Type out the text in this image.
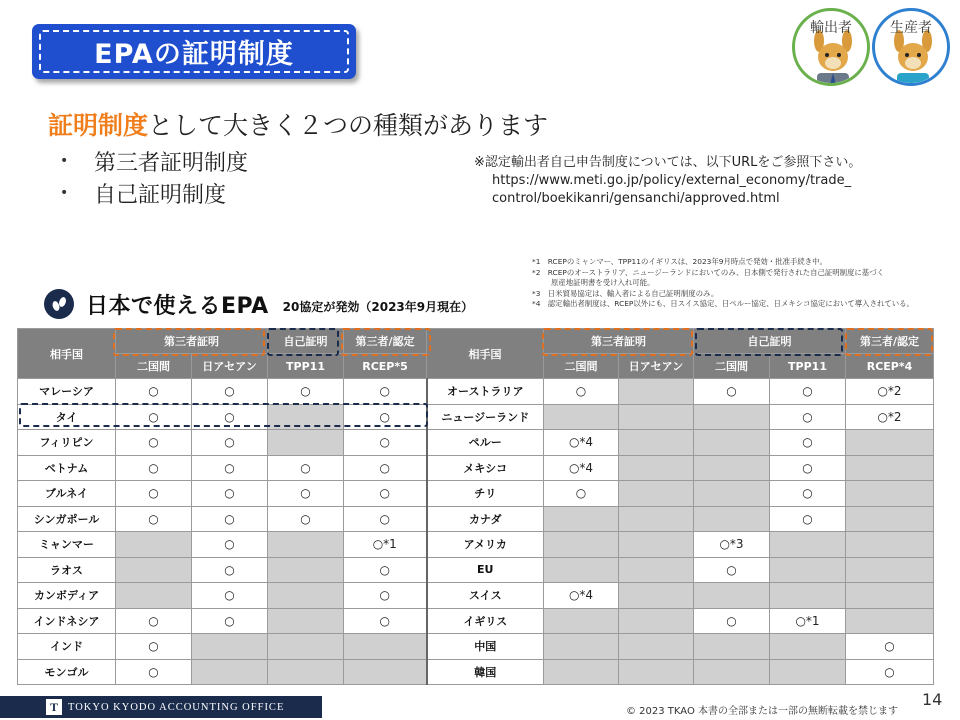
EPAの証明制度
輸出者	生産者
証明制度として大きく２つの種類があります
•	第三者証明制度
•	自己証明制度
※認定輸出者自己申告制度については、以下URLをご参照下さい。
https://www.meti.go.jp/policy/external_economy/trade_
control/boekikanri/gensanchi/approved.html
*1　RCEPのミャンマー、TPP11のイギリスは、2023年9月時点で発効・批准手続き中。
*2　RCEPのオーストラリア、ニュージーランドにおいてのみ、日本側で発行された自己証明制度に基づく
原産地証明書を受け入れ可能。
*3　日米貿易協定は、輸入者による自己証明制度のみ。
*4　認定輸出者制度は、RCEP以外にも、日スイス協定、日ペルー協定、日メキシコ協定において導入されている。
日本で使えるEPA 20協定が発効（2023年9月現在）
相手国	第三者証明		自己証明	第三者/認定	相手国	第三者証明		自己証明		第三者/認定
	二国間	日アセアン	TPP11	RCEP*5		二国間	日アセアン	二国間	TPP11	RCEP*4
マレーシア	○	○	○	○	オーストラリア	○		○	○	○*2
タイ	○	○		○	ニュージーランド				○	○*2
フィリピン	○	○		○	ペルー	○*4			○	
ベトナム	○	○	○	○	メキシコ	○*4			○	
ブルネイ	○	○	○	○	チリ	○			○	
シンガポール	○	○	○	○	カナダ				○	
ミャンマー		○		○*1	アメリカ			○*3		
ラオス		○		○	EU			○		
カンボディア		○		○	スイス	○*4				
インドネシア	○	○		○	イギリス			○	○*1	
インド	○				中国					○
モンゴル	○				韓国					○
TOKYO KYODO ACCOUNTING OFFICE
T	© 2023 TKAO 本書の全部または一部の無断転載を禁じます
14
